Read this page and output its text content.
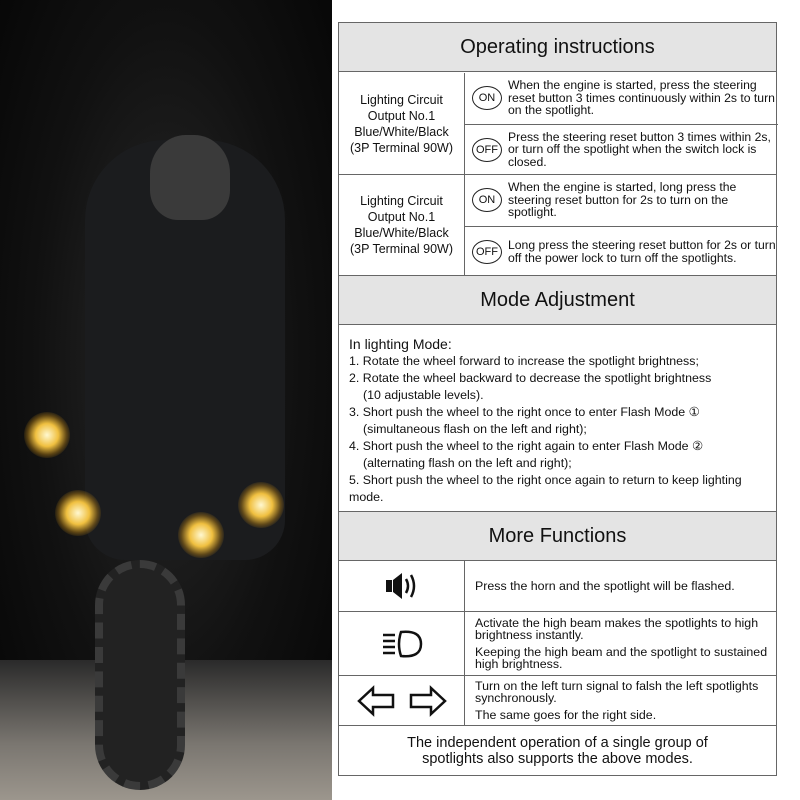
Operating instructions
Lighting Circuit
Output No.1
Blue/White/Black
(3P Terminal 90W)
ON
When the engine is started, press the steering reset button 3 times continuously within 2s to turn on the spotlight.
OFF
Press the steering reset button 3 times within 2s, or turn off the spotlight when the switch lock is closed.
Lighting Circuit
Output No.1
Blue/White/Black
(3P Terminal 90W)
ON
When the engine is started, long press the steering reset button for 2s to turn on the spotlight.
OFF Long press the steering reset button for 2s or turn off the power lock to turn off the spotlights.
Mode Adjustment
In lighting Mode:
1. Rotate the wheel forward to increase the spotlight brightness;
2. Rotate the wheel backward to decrease the spotlight brightness
(10 adjustable levels).
3. Short push the wheel to the right once to enter Flash Mode ①
(simultaneous flash on the left and right);
4. Short push the wheel to the right again to enter Flash Mode ②
(alternating flash on the left and right);
5. Short push the wheel to the right once again to return to keep lighting mode.
More Functions
Press the horn and the spotlight will be flashed.
Activate the high beam makes the spotlights to high brightness instantly.
Keeping the high beam and the spotlight to sustained high brightness.
Turn on the left turn signal to falsh the left spotlights synchronously.
The same goes for the right side.
The independent operation of a single group of
spotlights also supports the above modes.
